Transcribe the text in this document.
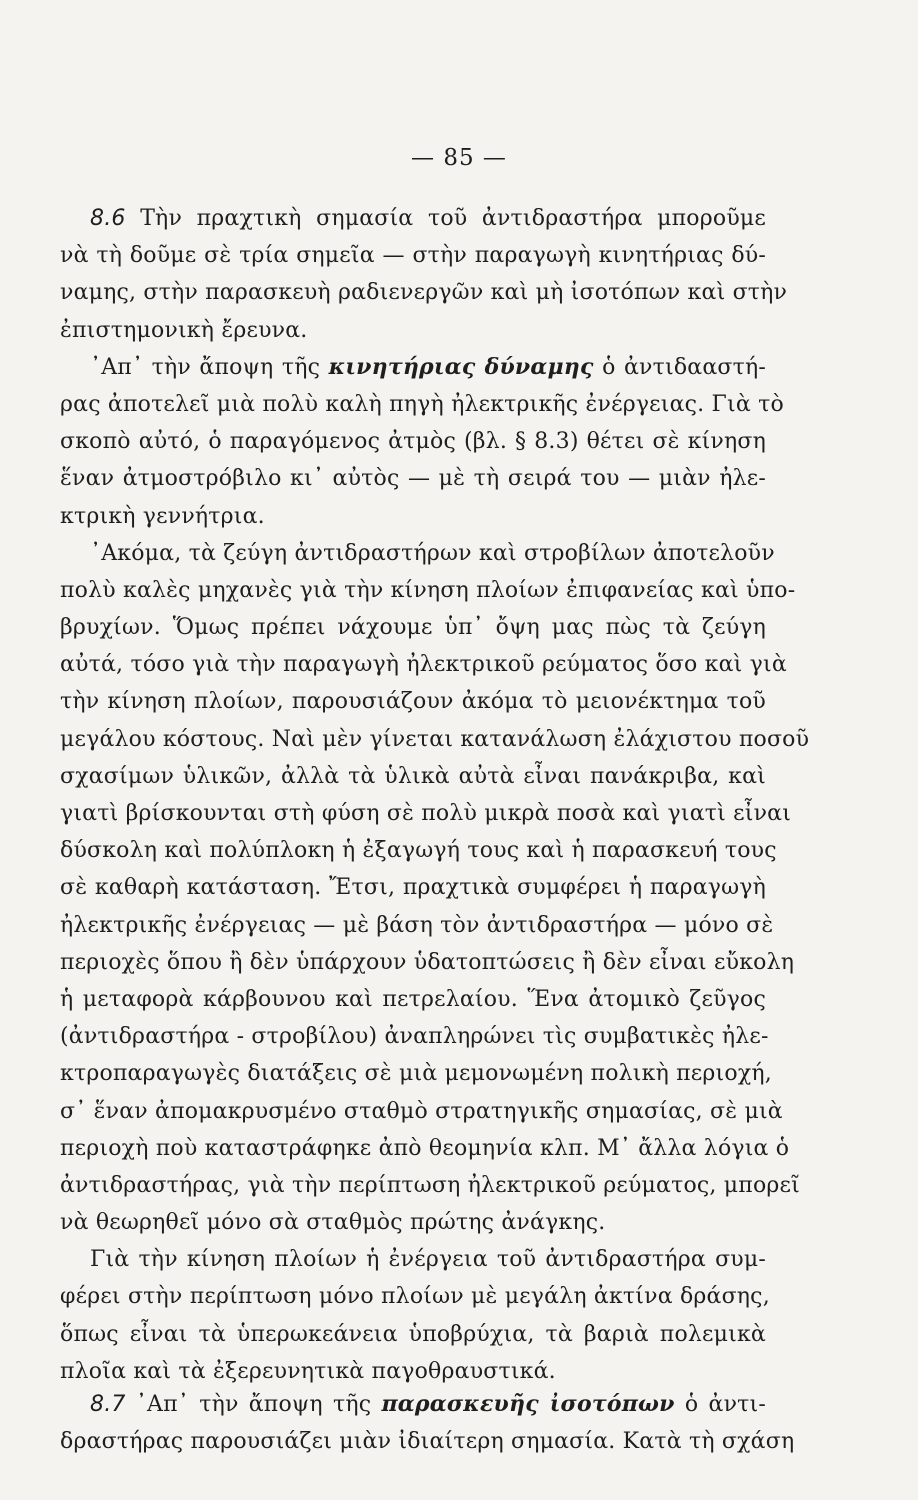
— 85 —
8.6 Τὴν πραχτικὴ σημασία τοῦ ἀντιδραστήρα μποροῦμε
νὰ τὴ δοῦμε σὲ τρία σημεῖα — στὴν παραγωγὴ κινητήριας δύ-
ναμης, στὴν παρασκευὴ ραδιενεργῶν καὶ μὴ ἰσοτόπων καὶ στὴν
ἐπιστημονικὴ ἔρευνα.
᾿Απ᾿ τὴν ἄποψη τῆς κινητήριας δύναμης ὁ ἀντιδααστή-
ρας ἀποτελεῖ μιὰ πολὺ καλὴ πηγὴ ἠλεκτρικῆς ἐνέργειας. Γιὰ τὸ
σκοπὸ αὐτό, ὁ παραγόμενος ἀτμὸς (βλ. § 8.3) θέτει σὲ κίνηση
ἕναν ἀτμοστρόβιλο κι᾿ αὐτὸς — μὲ τὴ σειρά του — μιὰν ἠλε-
κτρικὴ γεννήτρια.
᾿Ακόμα, τὰ ζεύγη ἀντιδραστήρων καὶ στροβίλων ἀποτελοῦν
πολὺ καλὲς μηχανὲς γιὰ τὴν κίνηση πλοίων ἐπιφανείας καὶ ὑπο-
βρυχίων. Ὅμως πρέπει νάχουμε ὑπ᾿ ὄψη μας πὼς τὰ ζεύγη
αὐτά, τόσο γιὰ τὴν παραγωγὴ ἠλεκτρικοῦ ρεύματος ὅσο καὶ γιὰ
τὴν κίνηση πλοίων, παρουσιάζουν ἀκόμα τὸ μειονέκτημα τοῦ
μεγάλου κόστους. Ναὶ μὲν γίνεται κατανάλωση ἐλάχιστου ποσοῦ
σχασίμων ὑλικῶν, ἀλλὰ τὰ ὑλικὰ αὐτὰ εἶναι πανάκριβα, καὶ
γιατὶ βρίσκουνται στὴ φύση σὲ πολὺ μικρὰ ποσὰ καὶ γιατὶ εἶναι
δύσκολη καὶ πολύπλοκη ἡ ἐξαγωγή τους καὶ ἡ παρασκευή τους
σὲ καθαρὴ κατάσταση. Ἔτσι, πραχτικὰ συμφέρει ἡ παραγωγὴ
ἠλεκτρικῆς ἐνέργειας — μὲ βάση τὸν ἀντιδραστήρα — μόνο σὲ
περιοχὲς ὅπου ἢ δὲν ὑπάρχουν ὑδατοπτώσεις ἢ δὲν εἶναι εὔκολη
ἡ μεταφορὰ κάρβουνου καὶ πετρελαίου. Ἕνα ἀτομικὸ ζεῦγος
(ἀντιδραστήρα - στροβίλου) ἀναπληρώνει τὶς συμβατικὲς ἠλε-
κτροπαραγωγὲς διατάξεις σὲ μιὰ μεμονωμένη πολικὴ περιοχή,
σ᾿ ἕναν ἀπομακρυσμένο σταθμὸ στρατηγικῆς σημασίας, σὲ μιὰ
περιοχὴ ποὺ καταστράφηκε ἀπὸ θεομηνία κλπ. Μ᾿ ἄλλα λόγια ὁ
ἀντιδραστήρας, γιὰ τὴν περίπτωση ἠλεκτρικοῦ ρεύματος, μπορεῖ
νὰ θεωρηθεῖ μόνο σὰ σταθμὸς πρώτης ἀνάγκης.
Γιὰ τὴν κίνηση πλοίων ἡ ἐνέργεια τοῦ ἀντιδραστήρα συμ-
φέρει στὴν περίπτωση μόνο πλοίων μὲ μεγάλη ἀκτίνα δράσης,
ὅπως εἶναι τὰ ὑπερωκεάνεια ὑποβρύχια, τὰ βαριὰ πολεμικὰ
πλοῖα καὶ τὰ ἐξερευνητικὰ παγοθραυστικά.
8.7 ᾿Απ᾿ τὴν ἄποψη τῆς παρασκευῆς ἰσοτόπων ὁ ἀντι-
δραστήρας παρουσιάζει μιὰν ἰδιαίτερη σημασία. Κατὰ τὴ σχάση
